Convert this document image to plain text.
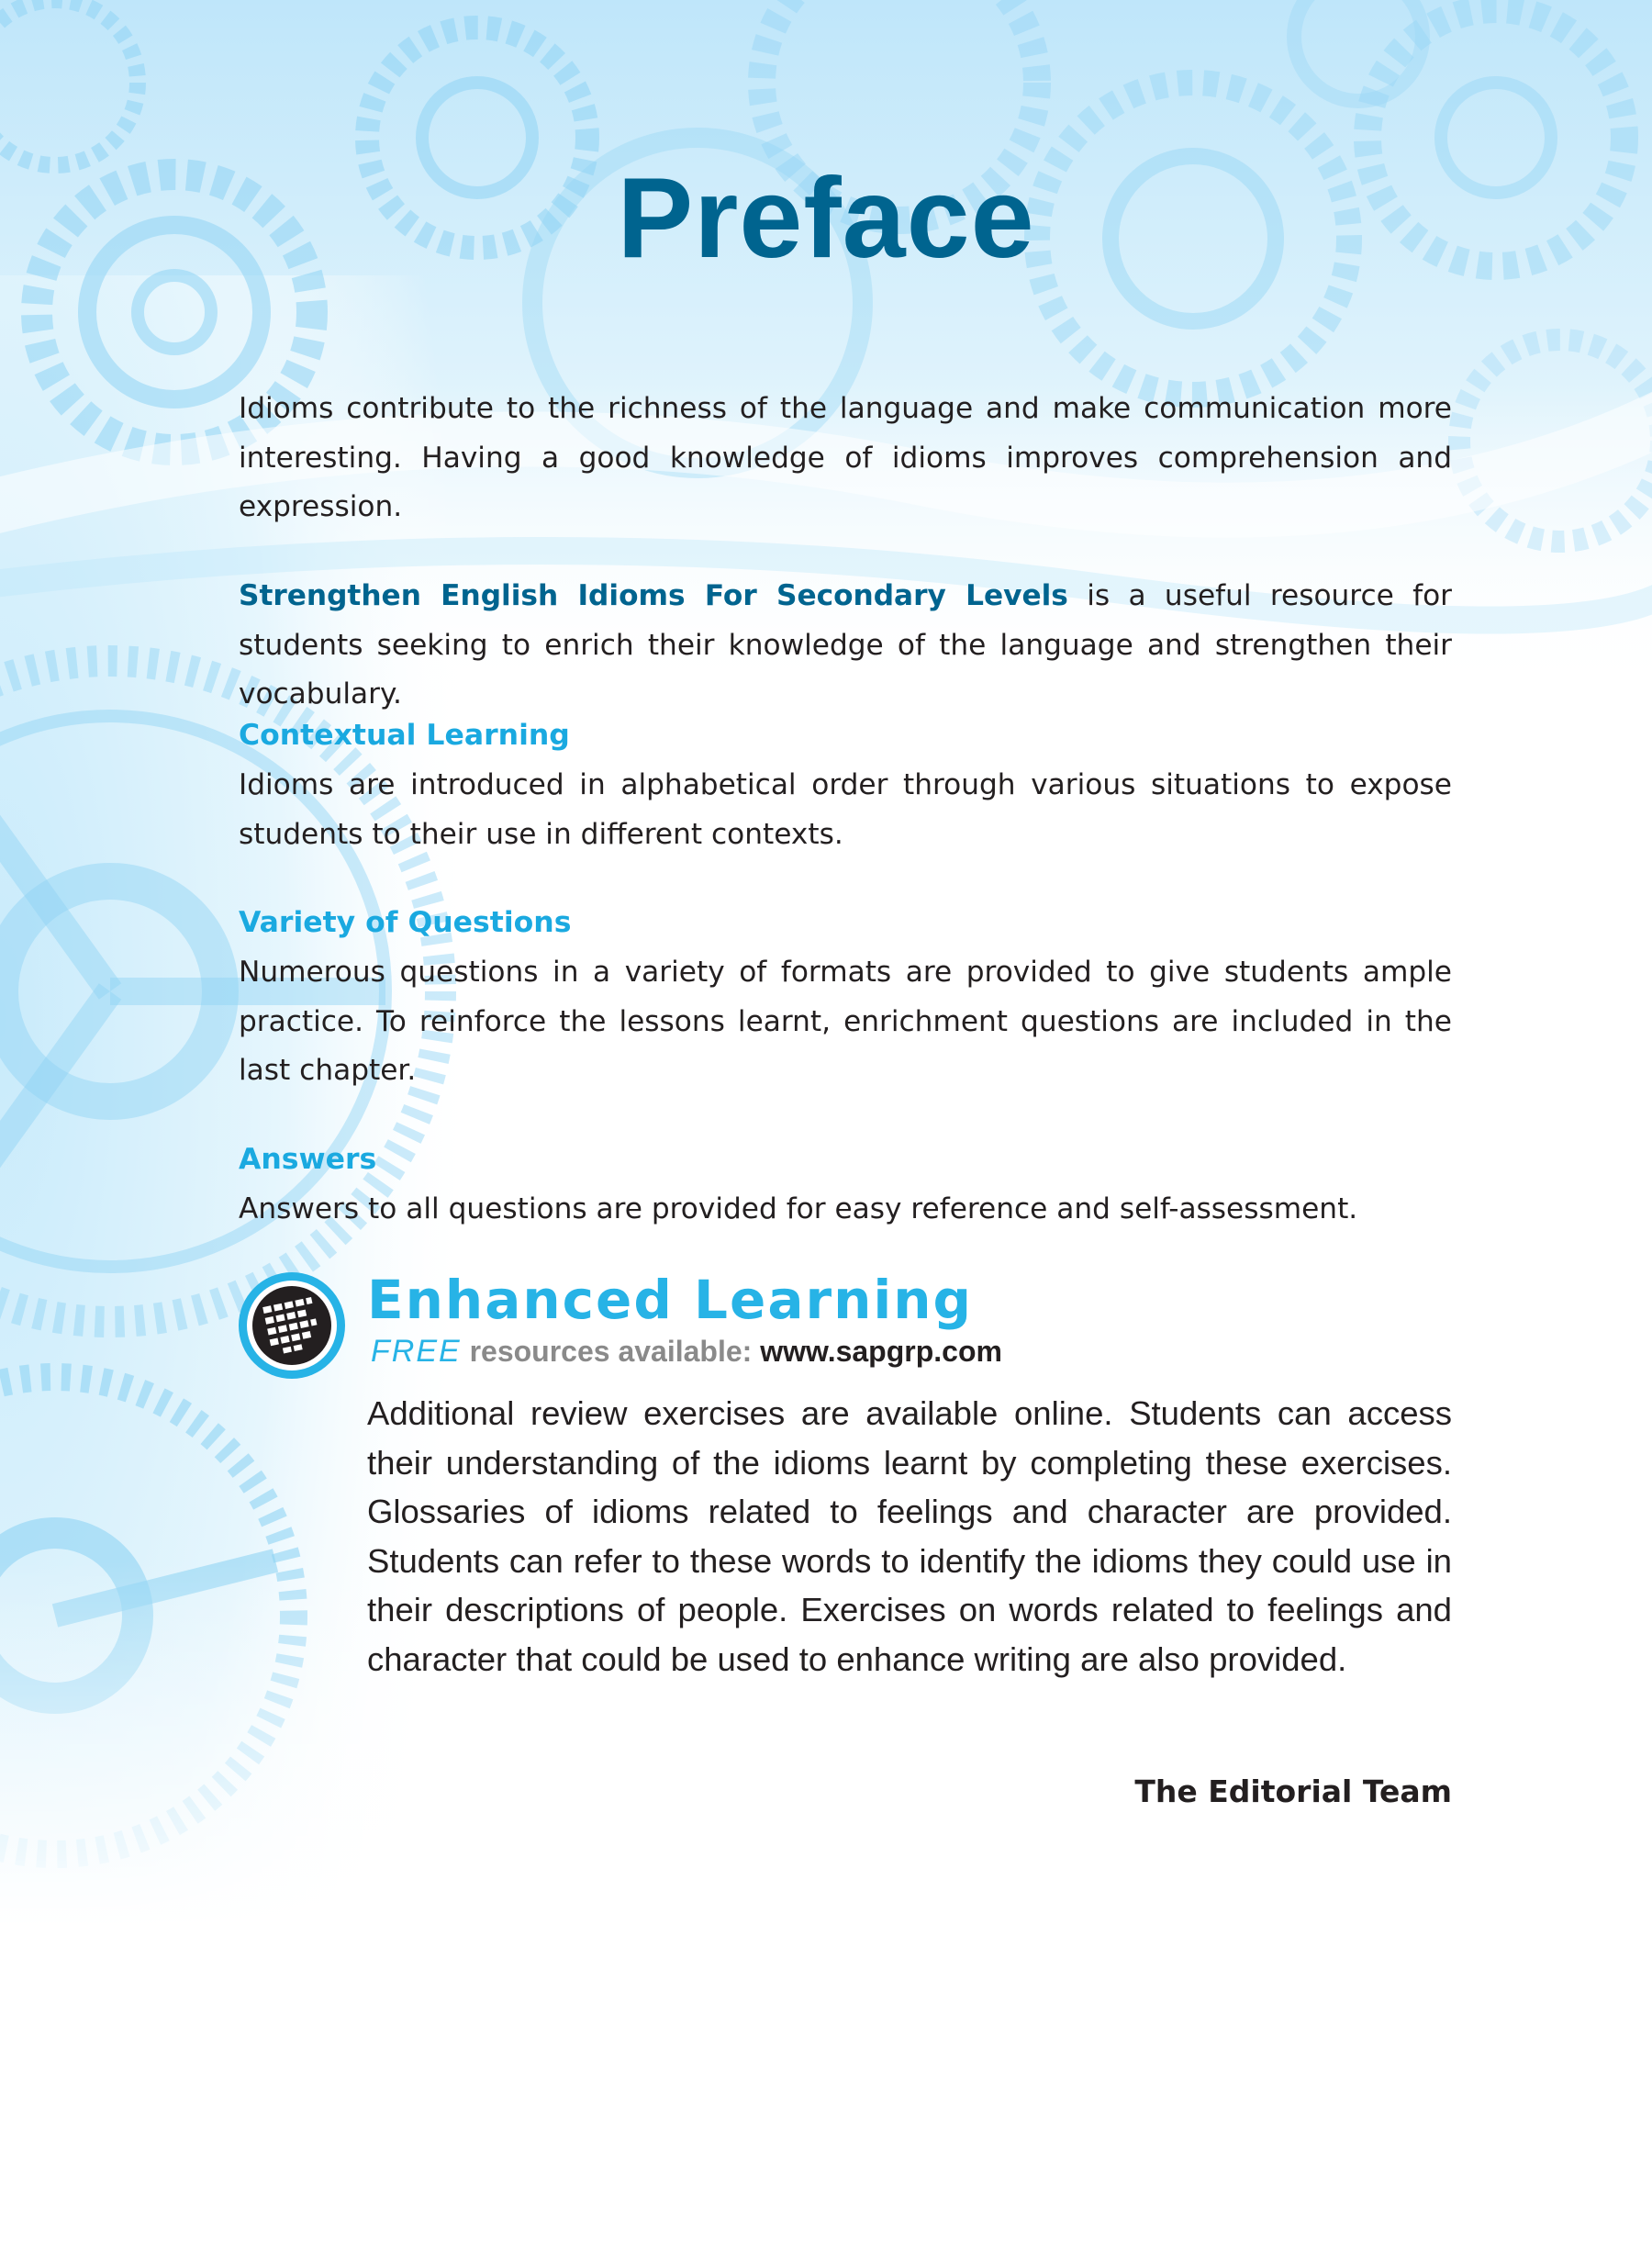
Preface

Idioms contribute to the richness of the language and make communication more interesting. Having a good knowledge of idioms improves comprehension and expression.

Strengthen English Idioms For Secondary Levels is a useful resource for students seeking to enrich their knowledge of the language and strengthen their vocabulary.

Contextual Learning

Idioms are introduced in alphabetical order through various situations to expose students to their use in different contexts.

Variety of Questions

Numerous questions in a variety of formats are provided to give students ample practice. To reinforce the lessons learnt, enrichment questions are included in the last chapter.

Answers

Answers to all questions are provided for easy reference and self-assessment.

Enhanced Learning
FREE resources available: www.sapgrp.com

Additional review exercises are available online. Students can access their understanding of the idioms learnt by completing these exercises. Glossaries of idioms related to feelings and character are provided. Students can refer to these words to identify the idioms they could use in their descriptions of people. Exercises on words related to feelings and character that could be used to enhance writing are also provided.

The Editorial Team
